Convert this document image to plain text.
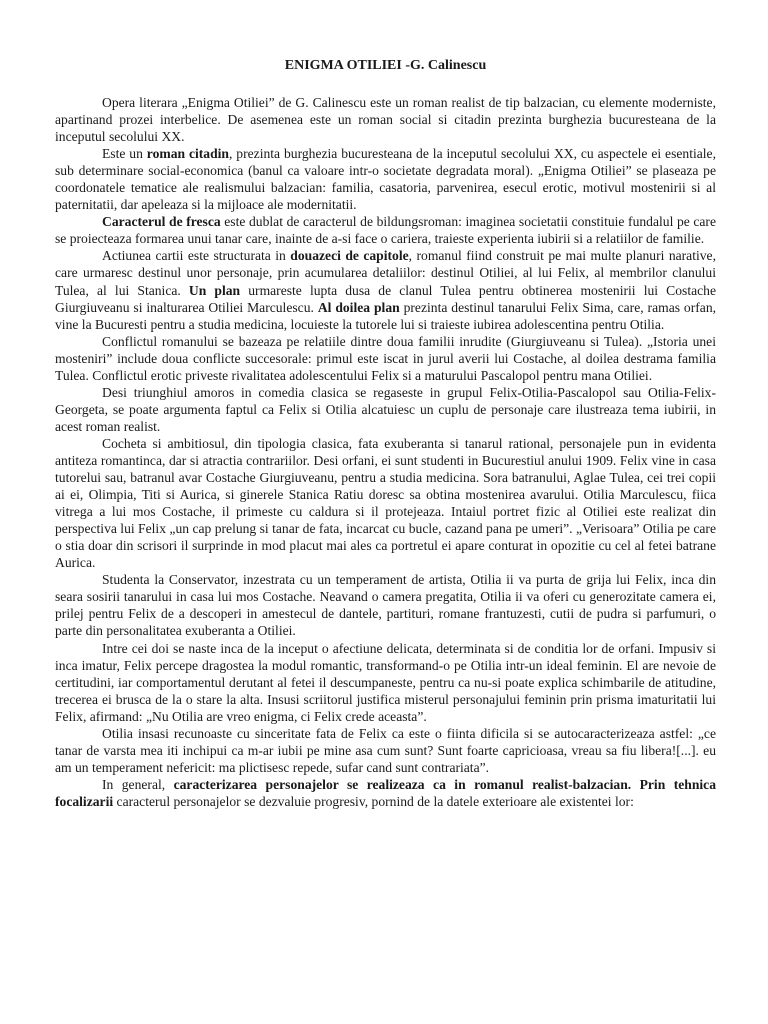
ENIGMA OTILIEI -G. Calinescu

Opera literara „Enigma Otiliei” de G. Calinescu este un roman realist de tip balzacian, cu elemente moderniste, apartinand prozei interbelice. De asemenea este un roman social si citadin prezinta burghezia bucuresteana de la inceputul secolului XX.

Este un roman citadin, prezinta burghezia bucuresteana de la inceputul secolului XX, cu aspectele ei esentiale, sub determinare social-economica (banul ca valoare intr-o societate degradata moral). „Enigma Otiliei” se plaseaza pe coordonatele tematice ale realismului balzacian: familia, casatoria, parvenirea, esecul erotic, motivul mostenirii si al paternitatii, dar apeleaza si la mijloace ale modernitatii.

Caracterul de fresca este dublat de caracterul de bildungsroman: imaginea societatii constituie fundalul pe care se proiecteaza formarea unui tanar care, inainte de a-si face o cariera, traieste experienta iubirii si a relatiilor de familie.

Actiunea cartii este structurata in douazeci de capitole, romanul fiind construit pe mai multe planuri narative, care urmaresc destinul unor personaje, prin acumularea detaliilor: destinul Otiliei, al lui Felix, al membrilor clanului Tulea, al lui Stanica. Un plan urmareste lupta dusa de clanul Tulea pentru obtinerea mostenirii lui Costache Giurgiuveanu si inalturarea Otiliei Marculescu. Al doilea plan prezinta destinul tanarului Felix Sima, care, ramas orfan, vine la Bucuresti pentru a studia medicina, locuieste la tutorele lui si traieste iubirea adolescentina pentru Otilia.

Conflictul romanului se bazeaza pe relatiile dintre doua familii inrudite (Giurgiuveanu si Tulea). „Istoria unei mosteniri” include doua conflicte succesorale: primul este iscat in jurul averii lui Costache, al doilea destrama familia Tulea. Conflictul erotic priveste rivalitatea adolescentului Felix si a maturului Pascalopol pentru mana Otiliei.

Desi triunghiul amoros in comedia clasica se regaseste in grupul Felix-Otilia-Pascalopol sau Otilia-Felix-Georgeta, se poate argumenta faptul ca Felix si Otilia alcatuiesc un cuplu de personaje care ilustreaza tema iubirii, in acest roman realist.

Cocheta si ambitiosul, din tipologia clasica, fata exuberanta si tanarul rational, personajele pun in evidenta antiteza romantinca, dar si atractia contrariilor. Desi orfani, ei sunt studenti in Bucurestiul anului 1909. Felix vine in casa tutorelui sau, batranul avar Costache Giurgiuveanu, pentru a studia medicina. Sora batranului, Aglae Tulea, cei trei copii ai ei, Olimpia, Titi si Aurica, si ginerele Stanica Ratiu doresc sa obtina mostenirea avarului. Otilia Marculescu, fiica vitrega a lui mos Costache, il primeste cu caldura si il protejeaza. Intaiul portret fizic al Otiliei este realizat din perspectiva lui Felix „un cap prelung si tanar de fata, incarcat cu bucle, cazand pana pe umeri”. „Verisoara” Otilia pe care o stia doar din scrisori il surprinde in mod placut mai ales ca portretul ei apare conturat in opozitie cu cel al fetei batrane Aurica.

Studenta la Conservator, inzestrata cu un temperament de artista, Otilia ii va purta de grija lui Felix, inca din seara sosirii tanarului in casa lui mos Costache. Neavand o camera pregatita, Otilia ii va oferi cu generozitate camera ei, prilej pentru Felix de a descoperi in amestecul de dantele, partituri, romane frantuzesti, cutii de pudra si parfumuri, o parte din personalitatea exuberanta a Otiliei.

Intre cei doi se naste inca de la inceput o afectiune delicata, determinata si de conditia lor de orfani. Impusiv si inca imatur, Felix percepe dragostea la modul romantic, transformand-o pe Otilia intr-un ideal feminin. El are nevoie de certitudini, iar comportamentul derutant al fetei il descumpaneste, pentru ca nu-si poate explica schimbarile de atitudine, trecerea ei brusca de la o stare la alta. Insusi scriitorul justifica misterul personajului feminin prin prisma imaturitatii lui Felix, afirmand: „Nu Otilia are vreo enigma, ci Felix crede aceasta”.

Otilia insasi recunoaste cu sinceritate fata de Felix ca este o fiinta dificila si se autocaracterizeaza astfel: „ce tanar de varsta mea iti inchipui ca m-ar iubii pe mine asa cum sunt? Sunt foarte capricioasa, vreau sa fiu libera![...]. eu am un temperament nefericit: ma plictisesc repede, sufar cand sunt contrariata”.

In general, caracterizarea personajelor se realizeaza ca in romanul realist-balzacian. Prin tehnica focalizarii caracterul personajelor se dezvaluie progresiv, pornind de la datele exterioare ale existentei lor:
